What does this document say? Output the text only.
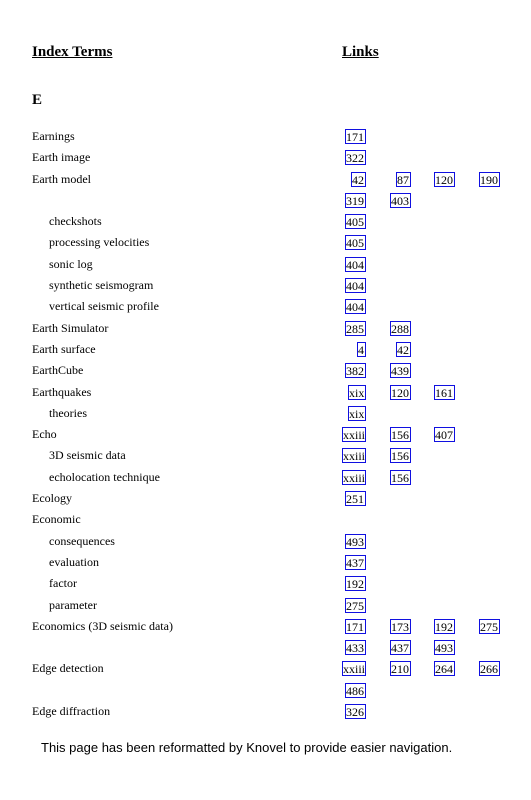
Index Terms	Links
E
Earnings	171
Earth image	322
Earth model	42	87 120 190
319 403
checkshots	405
processing velocities	405
sonic log	404
synthetic seismogram	404
vertical seismic profile	404
Earth Simulator	285 288
Earth surface	4	42
EarthCube	382 439
Earthquakes	xix 120 161
theories	xix
Echo	xxiii 156 407
3D seismic data	xxiii 156
echolocation technique	xxiii 156
Ecology	251
Economic
consequences	493
evaluation	437
factor	192
parameter	275
Economics (3D seismic data)	171 173 192 275
433 437 493
Edge detection	xxiii 210 264 266
486
Edge diffraction	326
This page has been reformatted by Knovel to provide easier navigation.
